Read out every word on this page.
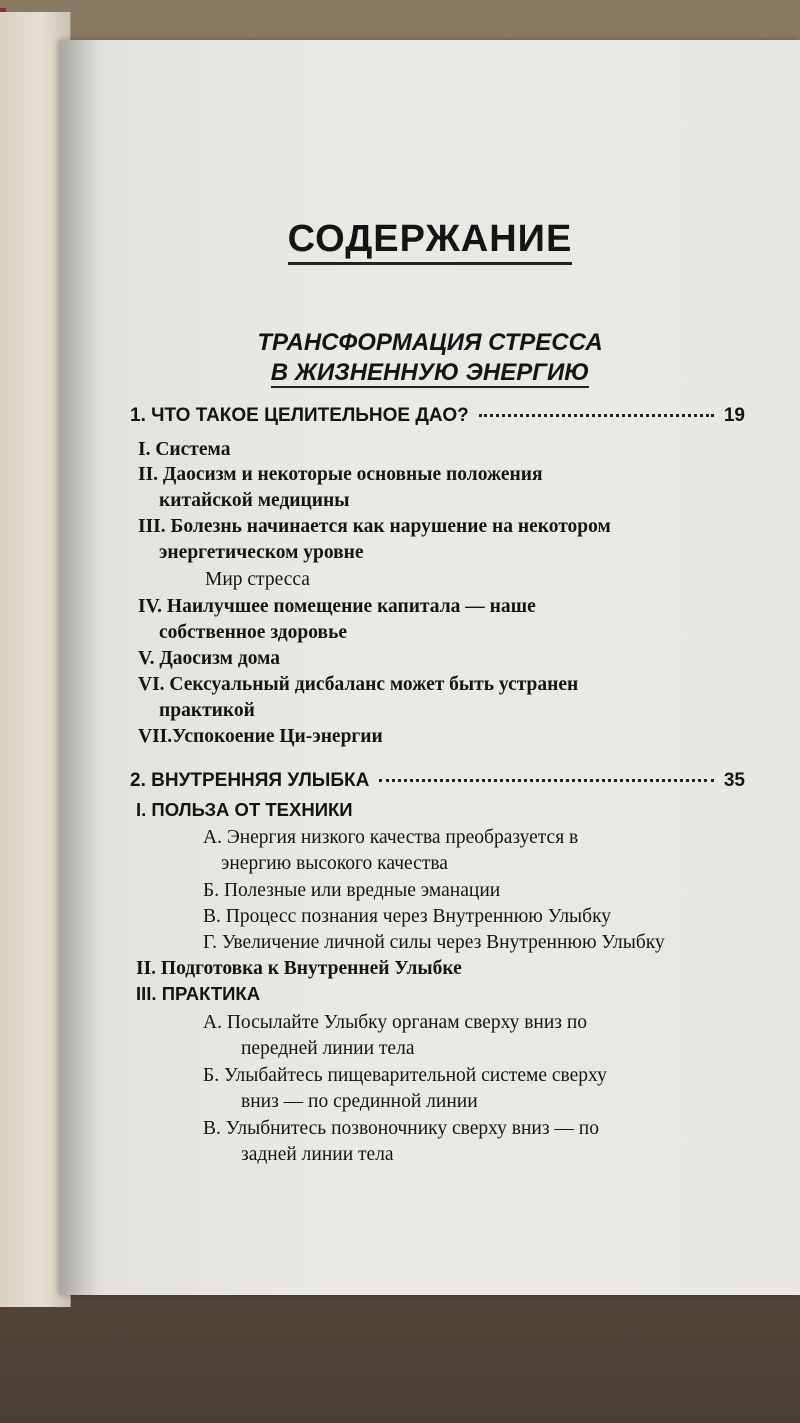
СОДЕРЖАНИЕ
ТРАНСФОРМАЦИЯ СТРЕССА
В ЖИЗНЕННУЮ ЭНЕРГИЮ
1. ЧТО ТАКОЕ ЦЕЛИТЕЛЬНОЕ ДАО?	19
I. Система
II. Даосизм и некоторые основные положения
китайской медицины
III. Болезнь начинается как нарушение на некотором
энергетическом уровне
Мир стресса
IV. Наилучшее помещение капитала — наше
собственное здоровье
V. Даосизм дома
VI. Сексуальный дисбаланс может быть устранен
практикой
VII.Успокоение Ци-энергии
2. ВНУТРЕННЯЯ УЛЫБКА	35
I. ПОЛЬЗА ОТ ТЕХНИКИ
А. Энергия низкого качества преобразуется в
энергию высокого качества
Б. Полезные или вредные эманации
В. Процесс познания через Внутреннюю Улыбку
Г. Увеличение личной силы через Внутреннюю Улыбку
II. Подготовка к Внутренней Улыбке
III. ПРАКТИКА
А. Посылайте Улыбку органам сверху вниз по
передней линии тела
Б. Улыбайтесь пищеварительной системе сверху
вниз — по срединной линии
В. Улыбнитесь позвоночнику сверху вниз — по
задней линии тела
